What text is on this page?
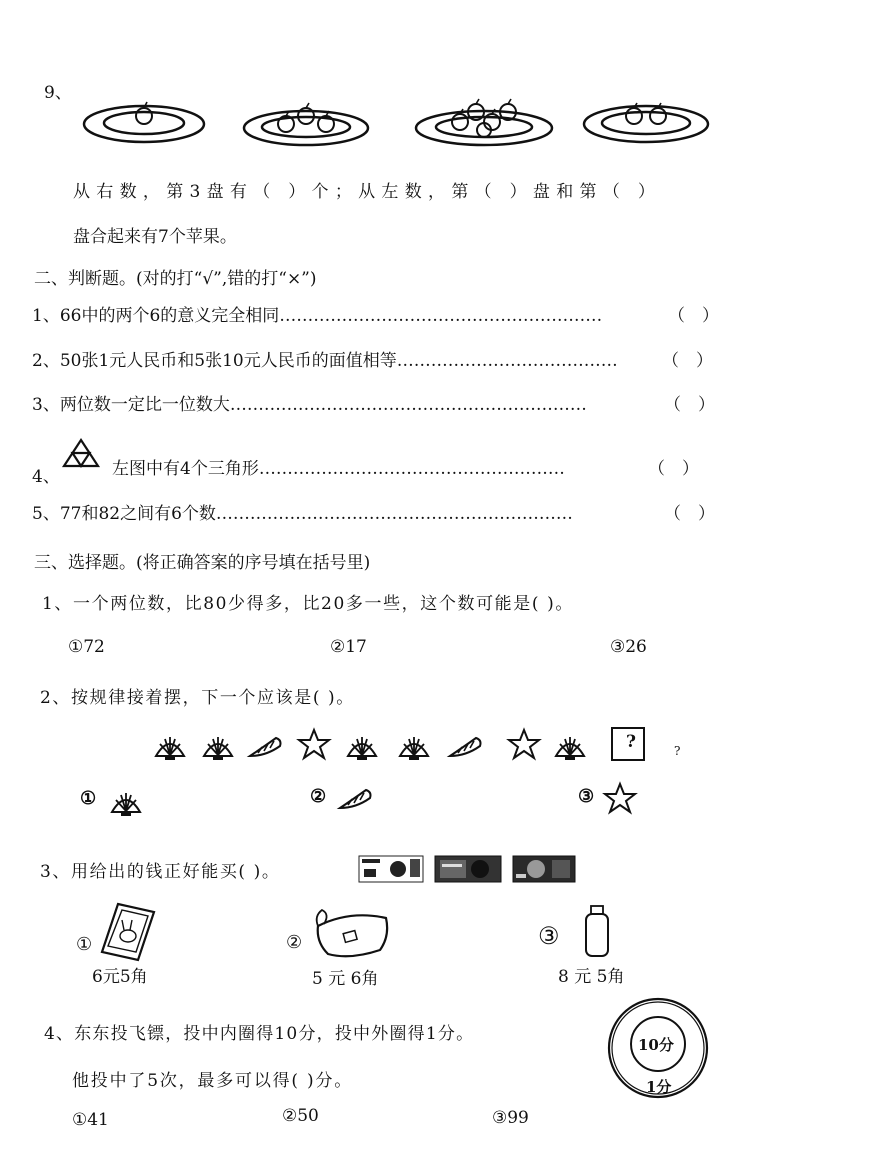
9、
从右数，第3盘有（ ）个；从左数，第（ ）盘和第（ ）
盘合起来有7个苹果。
二、判断题。(对的打“√”,错的打“×”)
1、66中的两个6的意义完全相同…………………………………………………	（　）
2、50张1元人民币和5张10元人民币的面值相等…………………………………	（　）
3、两位数一定比一位数大………………………………………………………	（　）
4、	左图中有4个三角形………………………………………………	（　）
5、77和82之间有6个数………………………………………………………	（　）
三、选择题。(将正确答案的序号填在括号里)
1、一个两位数，比80少得多，比20多一些，这个数可能是( )。
①72	②17	③26
2、按规律接着摆，下一个应该是( )。
?	?
①	②	③
3、用给出的钱正好能买( )。
①
6元5角
②
5 元 6角
③
8 元 5角
4、东东投飞镖，投中内圈得10分，投中外圈得1分。
他投中了5次，最多可以得( )分。
10分
1分
①41	②50	③99
